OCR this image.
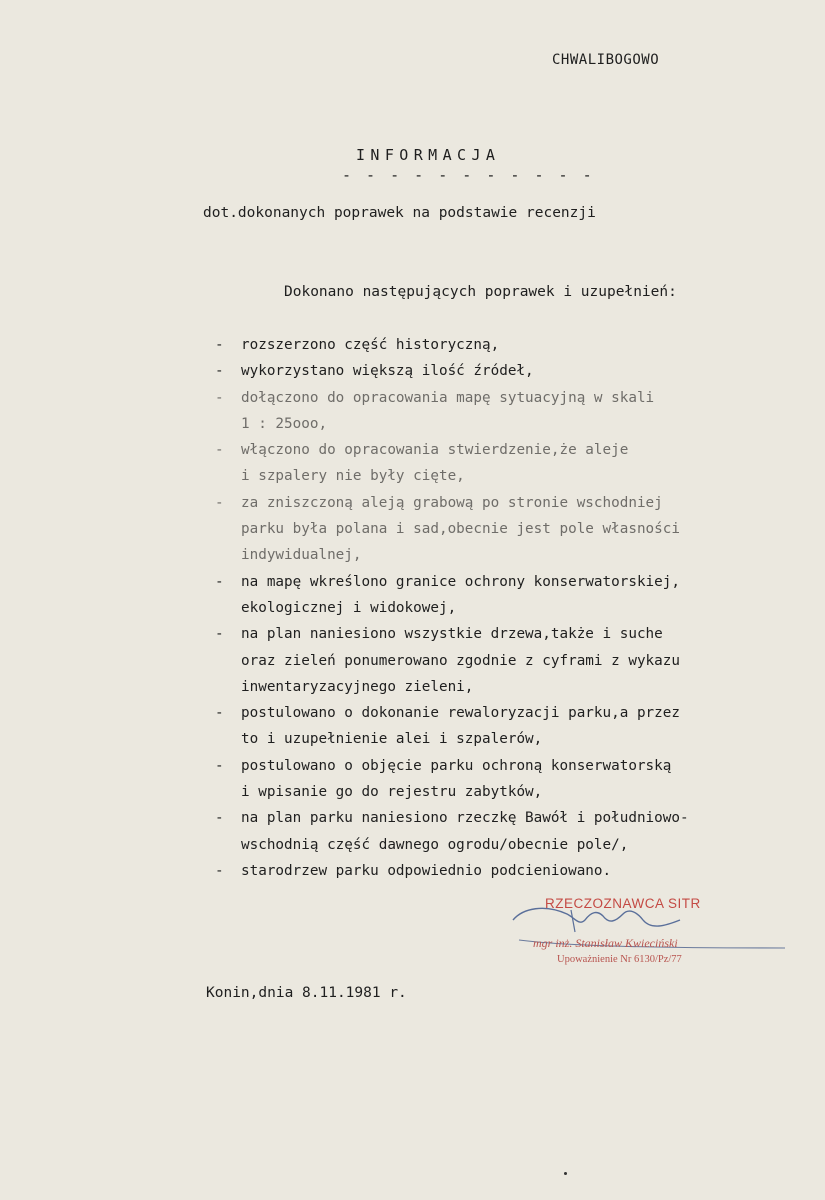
CHWALIBOGOWO
INFORMACJA
- - - - - - - - - - -
dot.dokonanych poprawek na podstawie recenzji
Dokonano następujących poprawek i uzupełnień:
- rozszerzono część historyczną,
- wykorzystano większą ilość źródeł,
- dołączono do opracowania mapę sytuacyjną w skali
1 : 25ooo,
- włączono do opracowania stwierdzenie,że aleje
i szpalery nie były cięte,
- za zniszczoną aleją grabową po stronie wschodniej
parku była polana i sad,obecnie jest pole własności
indywidualnej,
- na mapę wkreślono granice ochrony konserwatorskiej,
ekologicznej i widokowej,
- na plan naniesiono wszystkie drzewa,także i suche
oraz zieleń ponumerowano zgodnie z cyframi z wykazu
inwentaryzacyjnego zieleni,
- postulowano o dokonanie rewaloryzacji parku,a przez
to i uzupełnienie alei i szpalerów,
- postulowano o objęcie parku ochroną konserwatorską
i wpisanie go do rejestru zabytków,
- na plan parku naniesiono rzeczkę Bawół i południowo-
wschodnią część dawnego ogrodu/obecnie pole/,
- starodrzew parku odpowiednio podcieniowano.
RZECZOZNAWCA SITR
mgr inż. Stanisław Kwieciński
Upoważnienie Nr 6130/Pz/77
Konin,dnia 8.11.1981 r.
